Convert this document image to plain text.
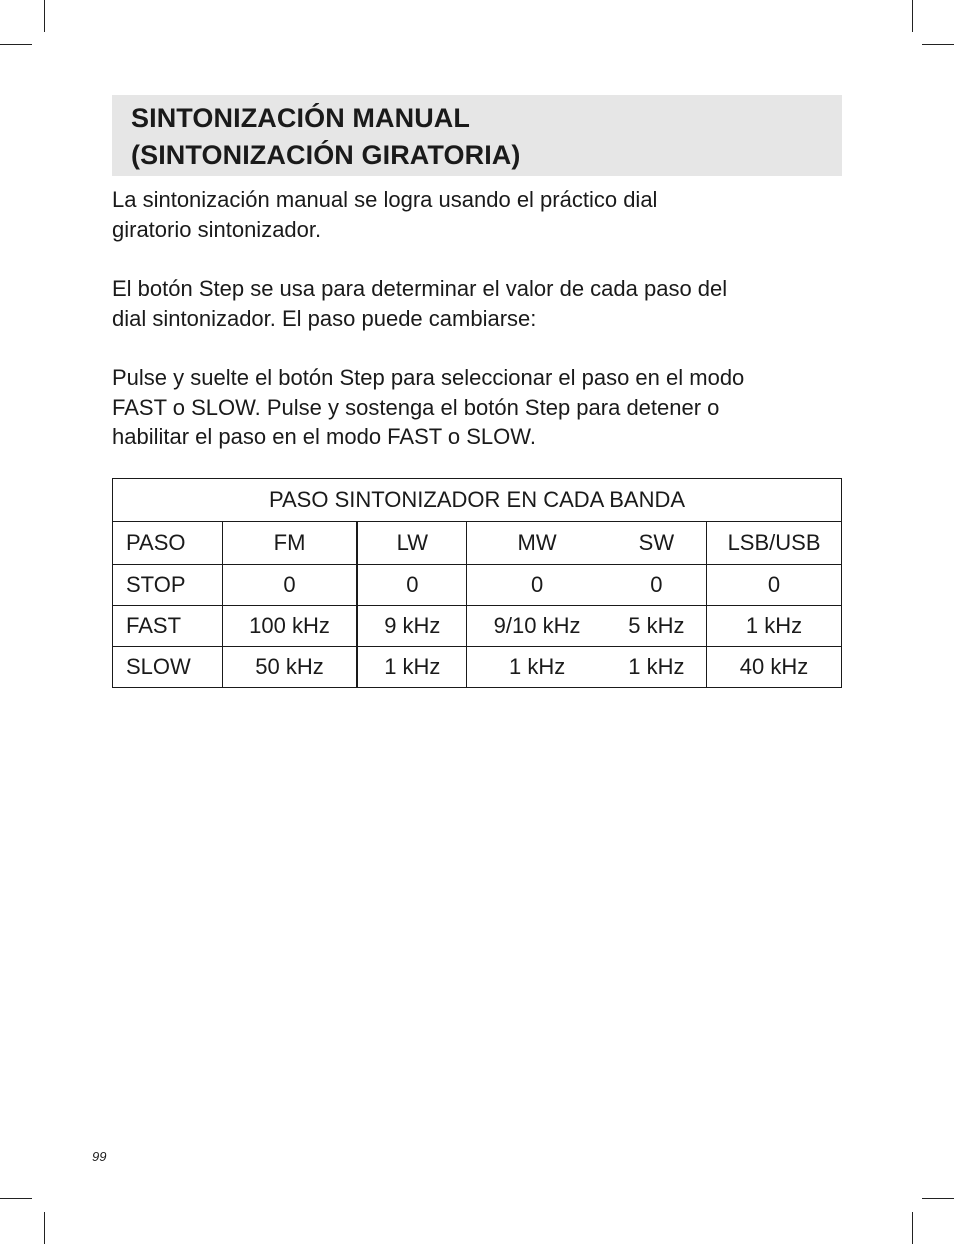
SINTONIZACIÓN MANUAL
(SINTONIZACIÓN GIRATORIA)

La sintonización manual se logra usando el práctico dial
giratorio sintonizador.

El botón Step se usa para determinar el valor de cada paso del
dial sintonizador. El paso puede cambiarse:

Pulse y suelte el botón Step para seleccionar el paso en el modo
FAST o SLOW. Pulse y sostenga el botón Step para detener o
habilitar el paso en el modo FAST o SLOW.

PASO SINTONIZADOR EN CADA BANDA					
PASO	FM	LW	MW	SW	LSB/USB
STOP	0	0	0	0	0
FAST	100 kHz	9 kHz	9/10 kHz	5 kHz	1 kHz
SLOW	50 kHz	1 kHz	1 kHz	1 kHz	40 kHz
99
